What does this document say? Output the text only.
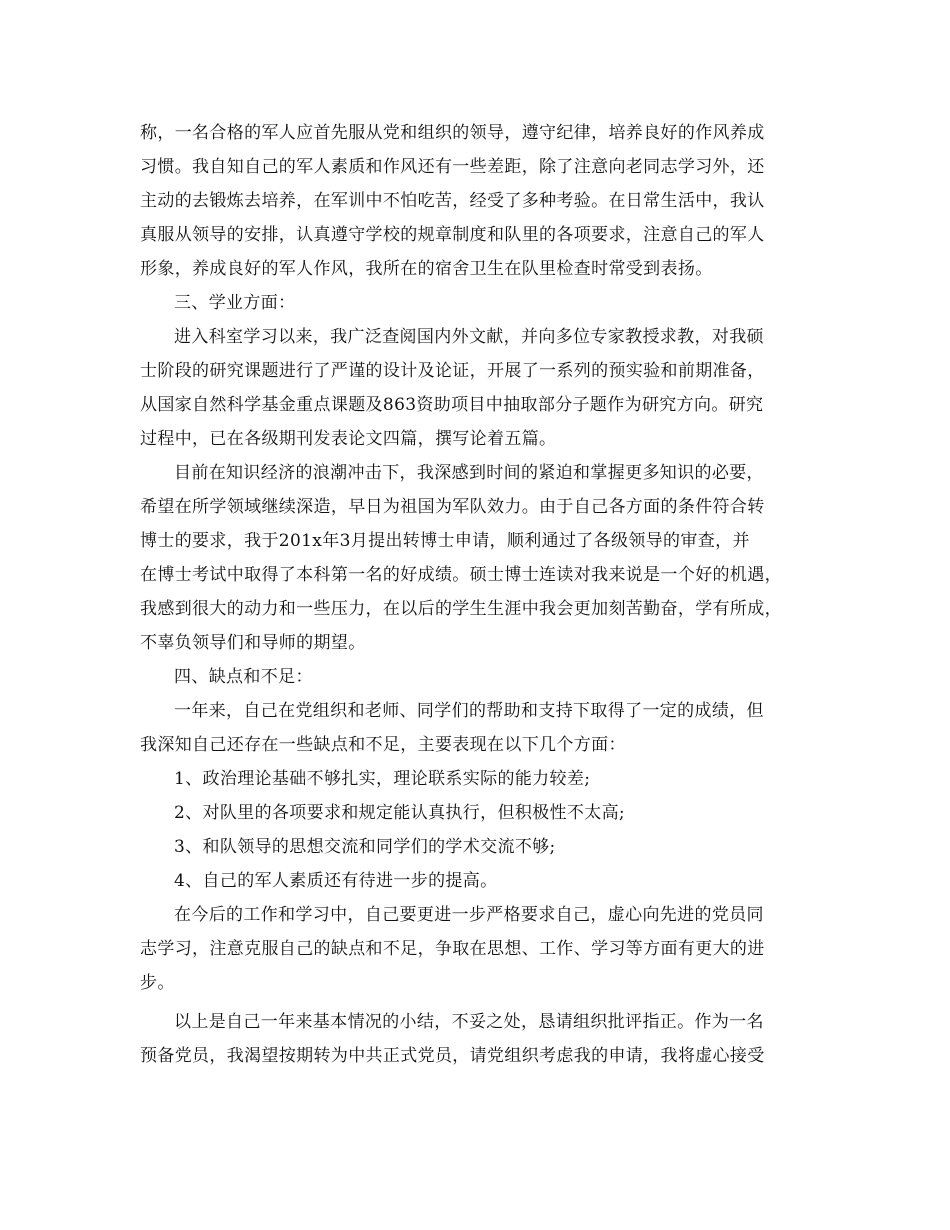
称，一名合格的军人应首先服从党和组织的领导，遵守纪律，培养良好的作风养成
习惯。我自知自己的军人素质和作风还有一些差距，除了注意向老同志学习外，还
主动的去锻炼去培养，在军训中不怕吃苦，经受了多种考验。在日常生活中，我认
真服从领导的安排，认真遵守学校的规章制度和队里的各项要求，注意自己的军人
形象，养成良好的军人作风，我所在的宿舍卫生在队里检查时常受到表扬。
三、学业方面：
进入科室学习以来，我广泛查阅国内外文献，并向多位专家教授求教，对我硕
士阶段的研究课题进行了严谨的设计及论证，开展了一系列的预实验和前期准备，
从国家自然科学基金重点课题及863资助项目中抽取部分子题作为研究方向。研究
过程中，已在各级期刊发表论文四篇，撰写论着五篇。
目前在知识经济的浪潮冲击下，我深感到时间的紧迫和掌握更多知识的必要，
希望在所学领域继续深造，早日为祖国为军队效力。由于自己各方面的条件符合转
博士的要求，我于201x年3月提出转博士申请，顺利通过了各级领导的审查，并
在博士考试中取得了本科第一名的好成绩。硕士博士连读对我来说是一个好的机遇，
我感到很大的动力和一些压力，在以后的学生生涯中我会更加刻苦勤奋，学有所成，
不辜负领导们和导师的期望。
四、缺点和不足：
一年来，自己在党组织和老师、同学们的帮助和支持下取得了一定的成绩，但
我深知自己还存在一些缺点和不足，主要表现在以下几个方面：
1、政治理论基础不够扎实，理论联系实际的能力较差;
2、对队里的各项要求和规定能认真执行，但积极性不太高;
3、和队领导的思想交流和同学们的学术交流不够;
4、自己的军人素质还有待进一步的提高。
在今后的工作和学习中，自己要更进一步严格要求自己，虚心向先进的党员同
志学习，注意克服自己的缺点和不足，争取在思想、工作、学习等方面有更大的进
步。
以上是自己一年来基本情况的小结，不妥之处，恳请组织批评指正。作为一名
预备党员，我渴望按期转为中共正式党员，请党组织考虑我的申请，我将虚心接受
